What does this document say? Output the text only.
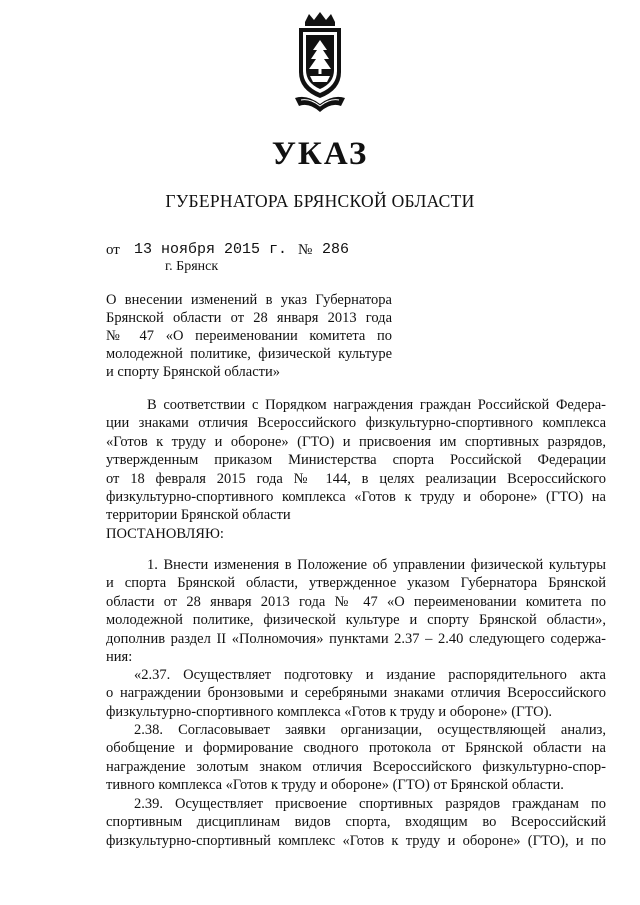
УКАЗ
ГУБЕРНАТОРА БРЯНСКОЙ ОБЛАСТИ
от 13 ноября 2015 г. № 286
г. Брянск
О внесении изменений в указ Губернатора
Брянской области от 28 января 2013 года
№ 47 «О переименовании комитета по
молодежной политике, физической культуре
и спорту Брянской области»
В соответствии с Порядком награждения граждан Российской Федера-
ции знаками отличия Всероссийского физкультурно-спортивного комплекса
«Готов к труду и обороне» (ГТО) и присвоения им спортивных разрядов,
утвержденным приказом Министерства спорта Российской Федерации
от 18 февраля 2015 года № 144, в целях реализации Всероссийского
физкультурно-спортивного комплекса «Готов к труду и обороне» (ГТО) на
территории Брянской области
ПОСТАНОВЛЯЮ:
1. Внести изменения в Положение об управлении физической культуры
и спорта Брянской области, утвержденное указом Губернатора Брянской
области от 28 января 2013 года № 47 «О переименовании комитета по
молодежной политике, физической культуре и спорту Брянской области»,
дополнив раздел II «Полномочия» пунктами 2.37 – 2.40 следующего содержа-
ния:
«2.37. Осуществляет подготовку и издание распорядительного акта
о награждении бронзовыми и серебряными знаками отличия Всероссийского
физкультурно-спортивного комплекса «Готов к труду и обороне» (ГТО).
2.38. Согласовывает заявки организации, осуществляющей анализ,
обобщение и формирование сводного протокола от Брянской области на
награждение золотым знаком отличия Всероссийского физкультурно-спор-
тивного комплекса «Готов к труду и обороне» (ГТО) от Брянской области.
2.39. Осуществляет присвоение спортивных разрядов гражданам по
спортивным дисциплинам видов спорта, входящим во Всероссийский
физкультурно-спортивный комплекс «Готов к труду и обороне» (ГТО), и по
